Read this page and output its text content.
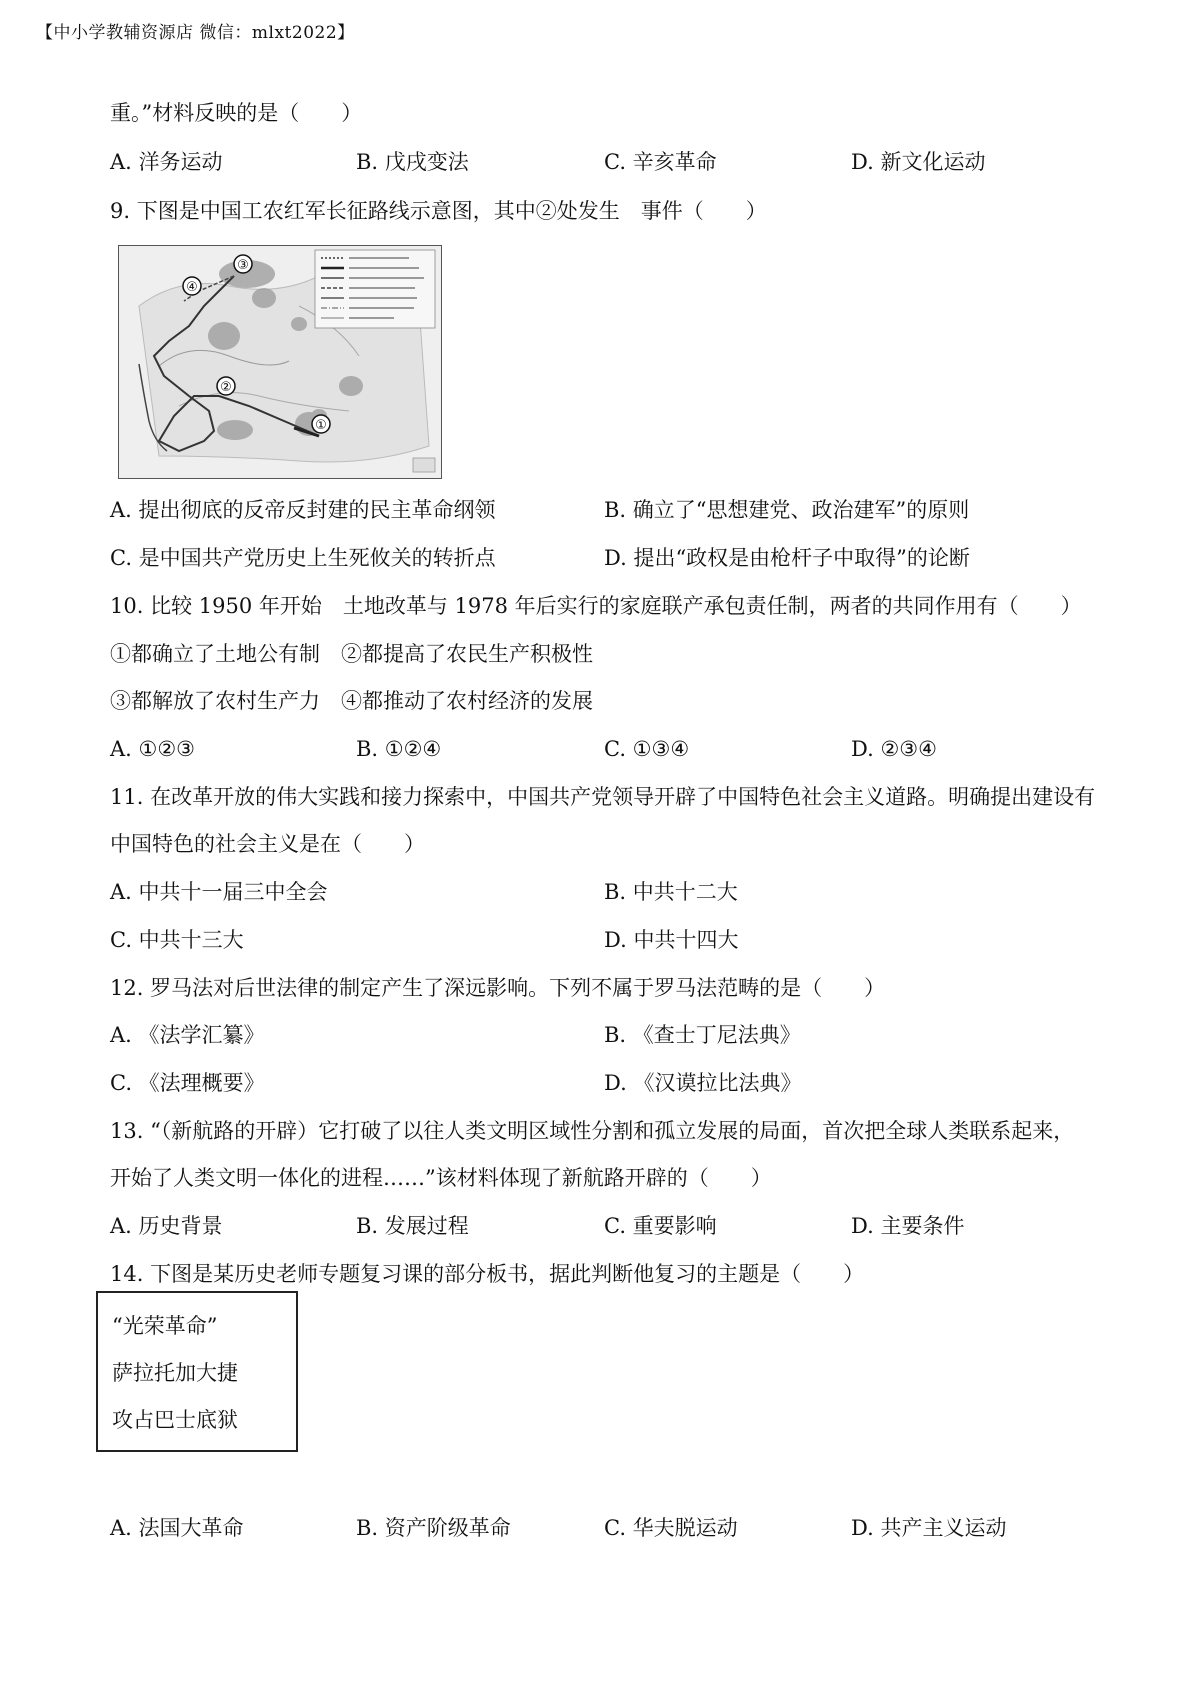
【中小学教辅资源店 微信：mlxt2022】
重。”材料反映的是（　　）
A. 洋务运动	B. 戊戌变法	C. 辛亥革命	D. 新文化运动
9. 下图是中国工农红军长征路线示意图，其中②处发生　事件（　　）
①
②
③
④
A. 提出彻底的反帝反封建的民主革命纲领	B. 确立了“思想建党、政治建军”的原则
C. 是中国共产党历史上生死攸关的转折点	D. 提出“政权是由枪杆子中取得”的论断
10. 比较 1950 年开始　土地改革与 1978 年后实行的家庭联产承包责任制，两者的共同作用有（　　）
①都确立了土地公有制　②都提高了农民生产积极性
③都解放了农村生产力　④都推动了农村经济的发展
A. ①②③	B. ①②④	C. ①③④	D. ②③④
11. 在改革开放的伟大实践和接力探索中，中国共产党领导开辟了中国特色社会主义道路。明确提出建设有
中国特色的社会主义是在（　　）
A. 中共十一届三中全会	B. 中共十二大
C. 中共十三大	D. 中共十四大
12. 罗马法对后世法律的制定产生了深远影响。下列不属于罗马法范畴的是（　　）
A. 《法学汇纂》	B. 《查士丁尼法典》
C. 《法理概要》	D. 《汉谟拉比法典》
13. “（新航路的开辟）它打破了以往人类文明区域性分割和孤立发展的局面，首次把全球人类联系起来，
开始了人类文明一体化的进程……”该材料体现了新航路开辟的（　　）
A. 历史背景	B. 发展过程	C. 重要影响	D. 主要条件
14. 下图是某历史老师专题复习课的部分板书，据此判断他复习的主题是（　　）
“光荣革命”
萨拉托加大捷
攻占巴士底狱
A. 法国大革命	B. 资产阶级革命	C. 华夫脱运动	D. 共产主义运动
